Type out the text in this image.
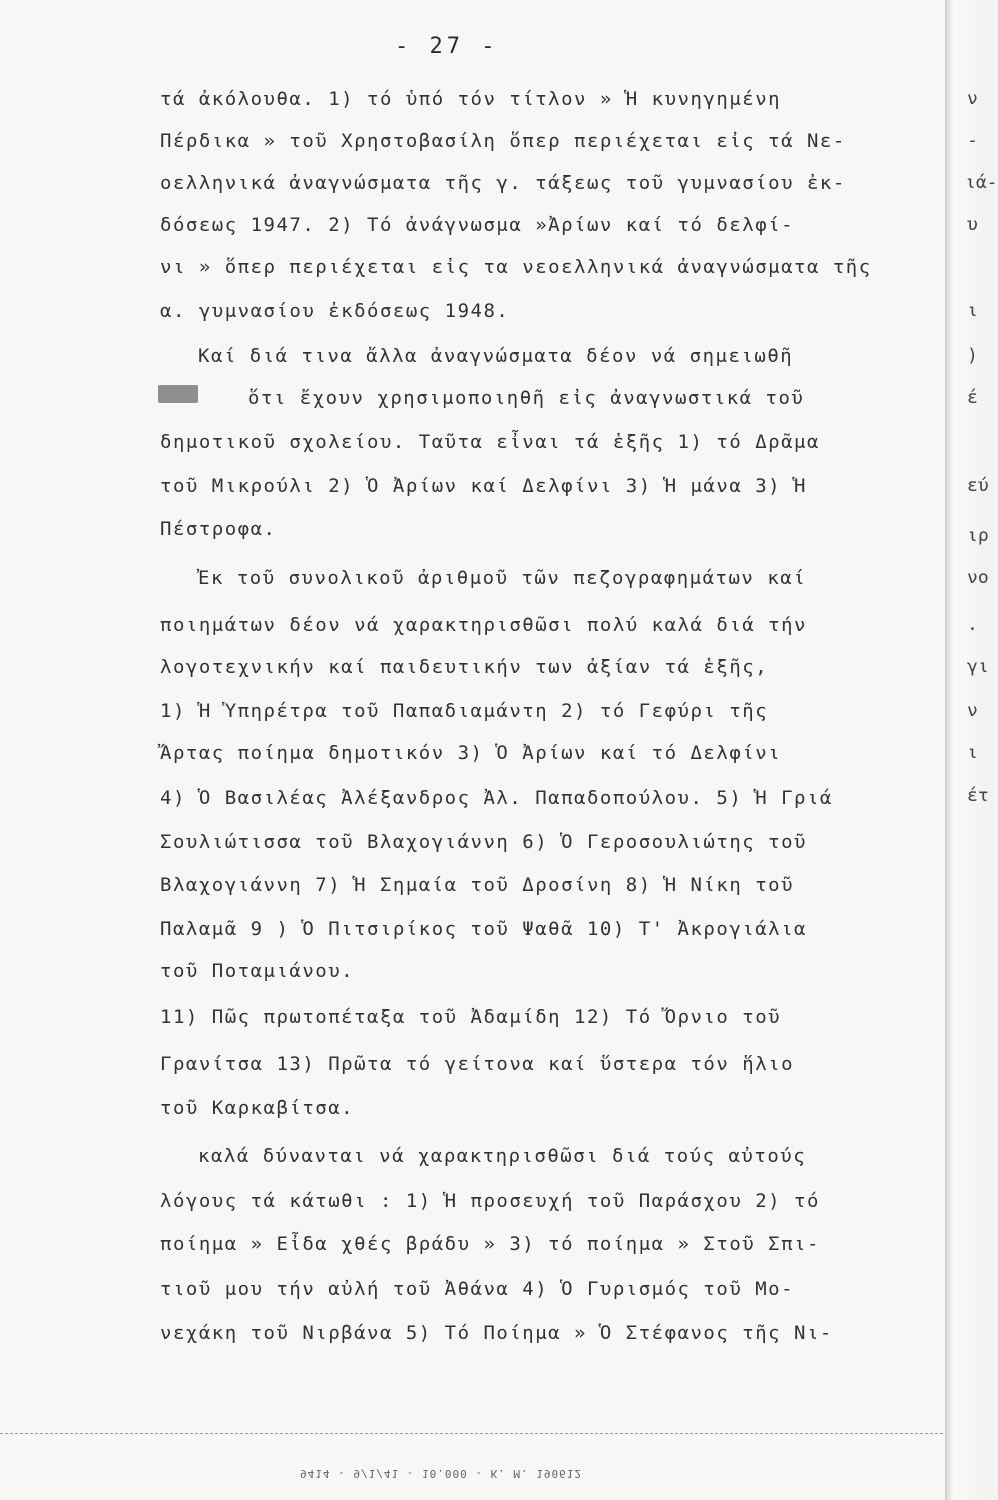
- 27 -
τά ἀκόλουθα. 1) τό ὑπό τόν τίτλον » Ἡ κυνηγημένη
Πέρδικα » τοῦ Χρηστοβασίλη ὅπερ περιέχεται εἰς τά Νε-
οελληνικά ἀναγνώσματα τῆς γ. τάξεως τοῦ γυμνασίου ἐκ-
δόσεως 1947. 2) Τό ἀνάγνωσμα »Ἀρίων καί τό δελφί-
νι » ὅπερ περιέχεται εἰς τα νεοελληνικά ἀναγνώσματα τῆς
α. γυμνασίου ἐκδόσεως 1948.
Καί διά τινα ἄλλα ἀναγνώσματα δέον νά σημειωθῆ
ὅτι ἔχουν χρησιμοποιηθῆ εἰς ἀναγνωστικά τοῦ
δημοτικοῦ σχολείου. Ταῦτα εἶναι τά ἑξῆς 1) τό Δρᾶμα
τοῦ Μικρούλι 2) Ὁ Ἀρίων καί Δελφίνι 3) Ἡ μάνα 3) Ἡ
Πέστροφα.
Ἐκ τοῦ συνολικοῦ ἀριθμοῦ τῶν πεζογραφημάτων καί
ποιημάτων δέον νά χαρακτηρισθῶσι πολύ καλά διά τήν
λογοτεχνικήν καί παιδευτικήν των ἀξίαν τά ἑξῆς,
1) Ἡ Ὑπηρέτρα τοῦ Παπαδιαμάντη 2) τό Γεφύρι τῆς
Ἄρτας ποίημα δημοτικόν 3) Ὁ Ἀρίων καί τό Δελφίνι
4) Ὁ Βασιλέας Ἀλέξανδρος Ἀλ. Παπαδοπούλου. 5) Ἡ Γριά
Σουλιώτισσα τοῦ Βλαχογιάννη 6) Ὁ Γεροσουλιώτης τοῦ
Βλαχογιάννη 7) Ἡ Σημαία τοῦ Δροσίνη 8) Ἡ Νίκη τοῦ
Παλαμᾶ 9 ) Ὁ Πιτσιρίκος τοῦ Ψαθᾶ 10) Τ' Ἀκρογιάλια
τοῦ Ποταμιάνου.
11) Πῶς πρωτοπέταξα τοῦ Ἀδαμίδη 12) Τό Ὄρνιο τοῦ
Γρανίτσα 13) Πρῶτα τό γείτονα καί ὕστερα τόν ἥλιο
τοῦ Καρκαβίτσα.
καλά δύνανται νά χαρακτηρισθῶσι διά τούς αὐτούς
λόγους τά κάτωθι : 1) Ἡ προσευχή τοῦ Παράσχου 2) τό
ποίημα » Εἶδα χθές βράδυ » 3) τό ποίημα » Στοῦ Σπι-
τιοῦ μου τήν αὐλή τοῦ Ἀθάνα 4) Ὁ Γυρισμός τοῦ Μο-
νεχάκη τοῦ Νιρβάνα 5) Τό Ποίημα » Ὁ Στέφανος τῆς Νι-
9414 - 9/1/41 - 10.000 - Κ. Μ. 190612
ν
-
ιά-
υ
ι
)
έ
εύ
ιρ
νο
.
γι
ν
ι
έτ
